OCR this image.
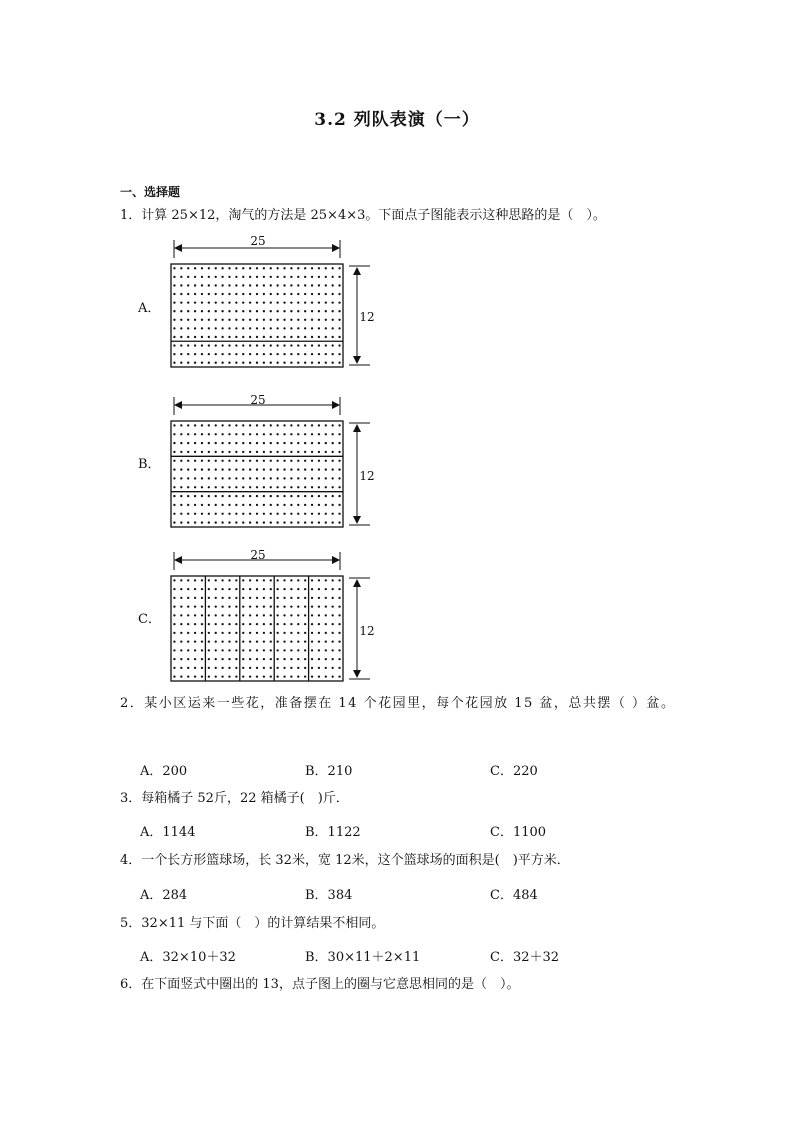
3.2 列队表演（一）
一、选择题
1．计算 25×12，淘气的方法是 25×4×3。下面点子图能表示这种思路的是（　）。
A．
B．
C．
25
12
25
12
25
12
2．某小区运来一些花，准备摆在 14 个花园里，每个花园放 15 盆，总共摆（ ）盆。
A．200	B．210	C．220
3．每箱橘子 52斤，22 箱橘子(　)斤．
A．1144	B．1122	C．1100
4．一个长方形篮球场，长 32米，宽 12米，这个篮球场的面积是(　)平方米．
A．284	B．384	C．484
5．32×11 与下面（　）的计算结果不相同。
A．32×10＋32	B．30×11＋2×11	C．32＋32
6．在下面竖式中圈出的 13，点子图上的圈与它意思相同的是（　）。
